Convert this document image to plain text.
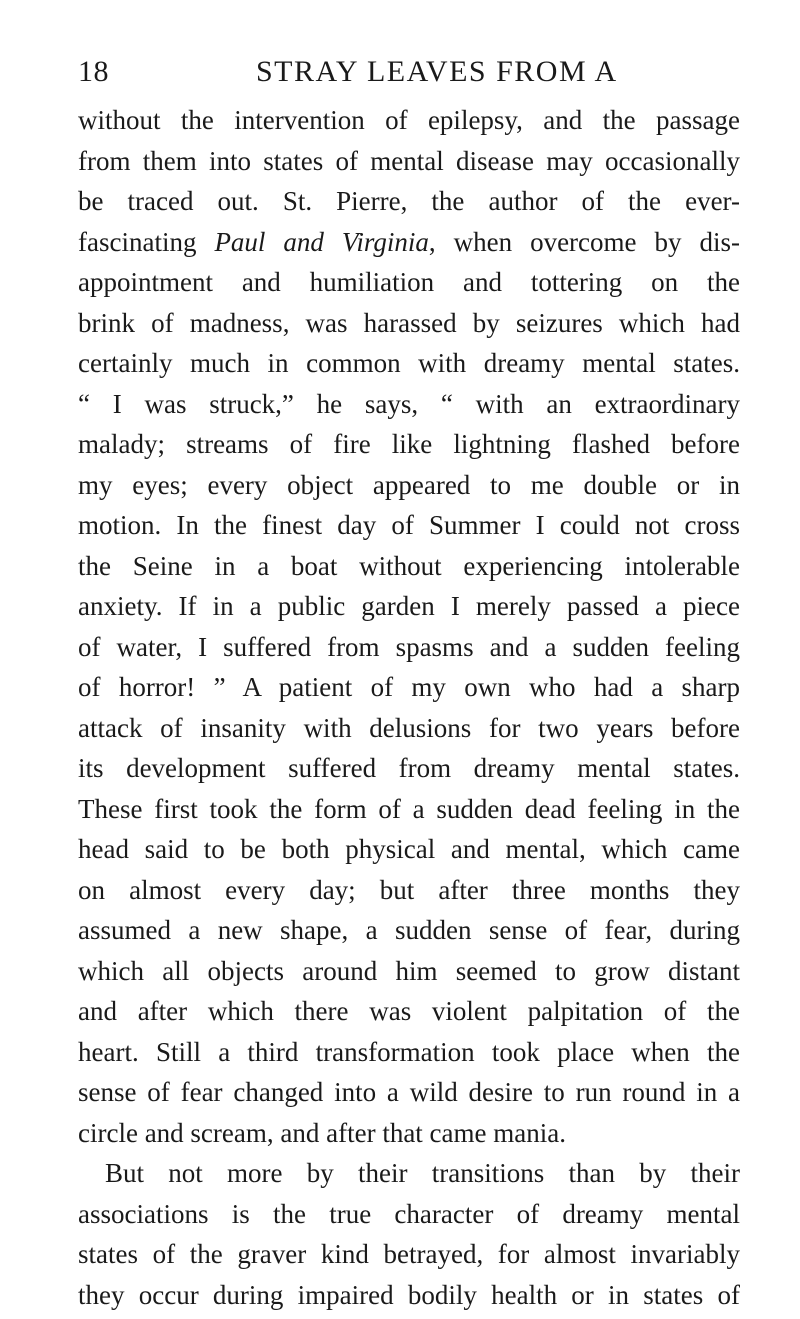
18	STRAY LEAVES FROM A
without the intervention of epilepsy, and the passage
from them into states of mental disease may occasionally
be traced out. St. Pierre, the author of the ever-
fascinating Paul and Virginia, when overcome by dis-
appointment and humiliation and tottering on the
brink of madness, was harassed by seizures which had
certainly much in common with dreamy mental states.
“ I was struck,” he says, “ with an extraordinary
malady; streams of fire like lightning flashed before
my eyes; every object appeared to me double or in
motion. In the finest day of Summer I could not cross
the Seine in a boat without experiencing intolerable
anxiety. If in a public garden I merely passed a piece
of water, I suffered from spasms and a sudden feeling
of horror! ” A patient of my own who had a sharp
attack of insanity with delusions for two years before
its development suffered from dreamy mental states.
These first took the form of a sudden dead feeling in the
head said to be both physical and mental, which came
on almost every day; but after three months they
assumed a new shape, a sudden sense of fear, during
which all objects around him seemed to grow distant
and after which there was violent palpitation of the
heart. Still a third transformation took place when the
sense of fear changed into a wild desire to run round in a
circle and scream, and after that came mania.
But not more by their transitions than by their
associations is the true character of dreamy mental
states of the graver kind betrayed, for almost invariably
they occur during impaired bodily health or in states of
